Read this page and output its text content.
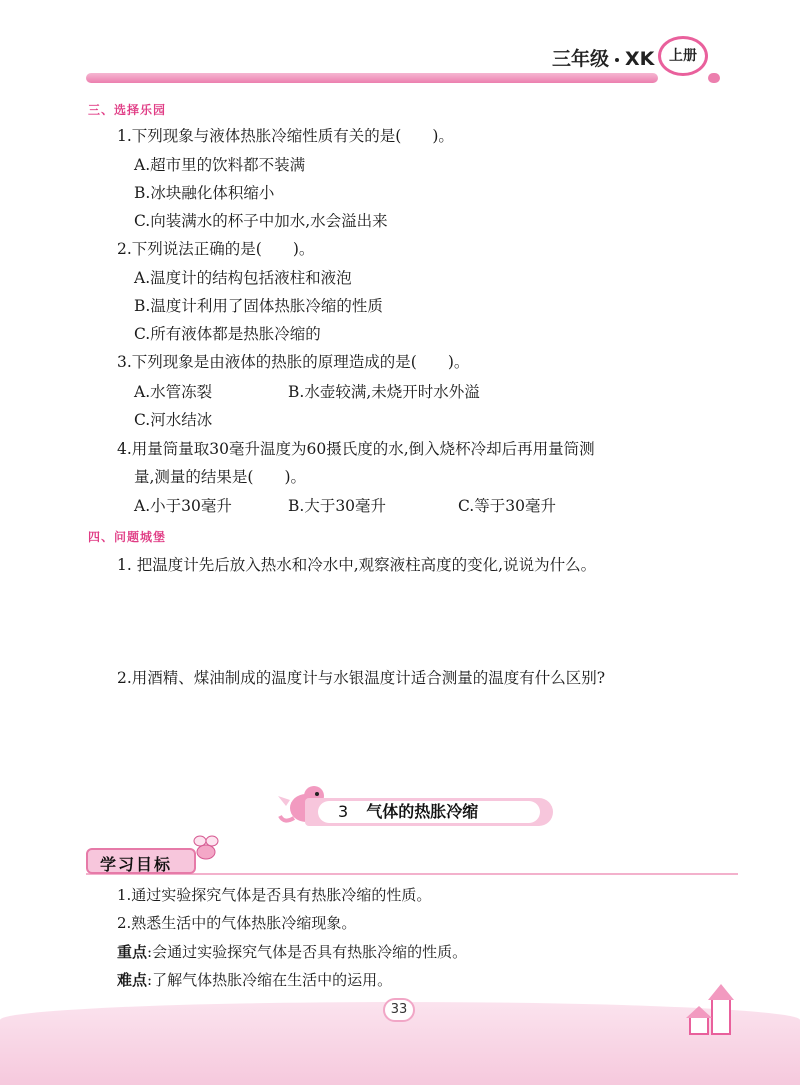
三年级 XK	上册
三、选择乐园
1.下列现象与液体热胀冷缩性质有关的是(　　)。
A.超市里的饮料都不装满
B.冰块融化体积缩小
C.向装满水的杯子中加水,水会溢出来
2.下列说法正确的是(　　)。
A.温度计的结构包括液柱和液泡
B.温度计利用了固体热胀冷缩的性质
C.所有液体都是热胀冷缩的
3.下列现象是由液体的热胀的原理造成的是(　　)。
A.水管冻裂	B.水壶较满,未烧开时水外溢
C.河水结冰
4.用量筒量取30毫升温度为60摄氏度的水,倒入烧杯冷却后再用量筒测
量,测量的结果是(　　)。
A.小于30毫升	B.大于30毫升	C.等于30毫升
四、问题城堡
1. 把温度计先后放入热水和冷水中,观察液柱高度的变化,说说为什么。
2.用酒精、煤油制成的温度计与水银温度计适合测量的温度有什么区别?
3 气体的热胀冷缩
学习目标
1.通过实验探究气体是否具有热胀冷缩的性质。
2.熟悉生活中的气体热胀冷缩现象。
重点:会通过实验探究气体是否具有热胀冷缩的性质。
难点:了解气体热胀冷缩在生活中的运用。
33
